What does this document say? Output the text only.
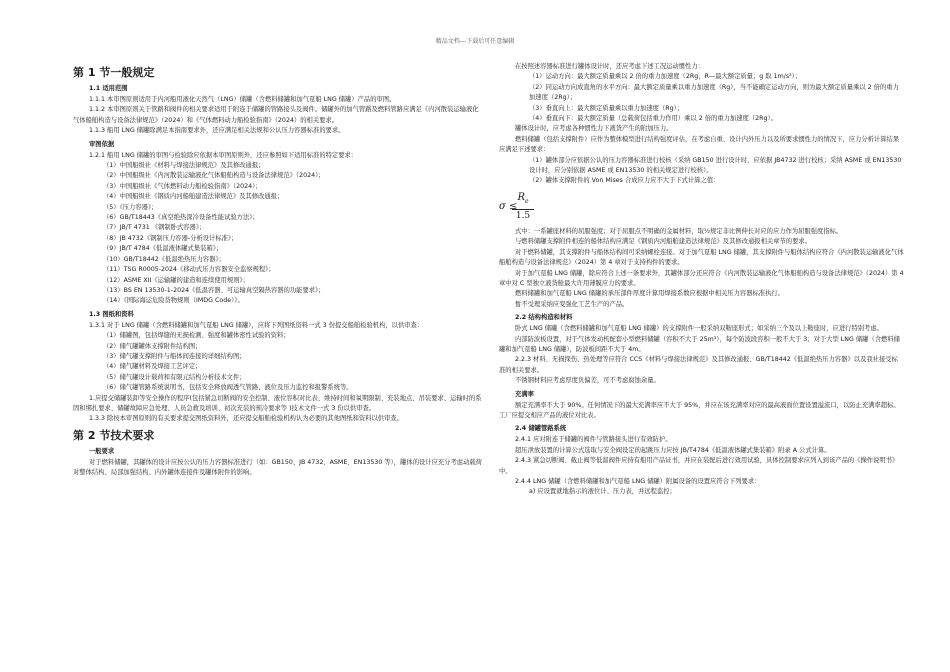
精品文档---下载后可任意编辑
第 1 节一般规定

1.1 适用范围

1.1.1 本审图原则适用于内河船用液化天然气（LNG）储罐（含燃料储罐和加气趸船 LNG 储罐）产品的审图。

1.1.2 本审图原则关于管路和阀件的相关要求适用于附连于储罐的管路接头及阀件。储罐外的加气管路及燃料管路应满足《内河散装运输液化气体船舶构造与设备法律规范》（2024）和《气体燃料动力船检验指南》（2024）的相关要求。

1.1.3 船用 LNG 储罐除满足本指南要求外，还应满足相关法规和公认压力容器标准的要求。

审图依据

1.2.1 船用 LNG 储罐的审图与检验除应依据本审图原则外，还应参照如下适用标准的特定要求：

（1）中国船级社《材料与焊接法律规范》及其修改通报；

（2）中国船级社《内河散装运输液化气体船舶构造与设备法律规范》（2024）；

（3）中国船级社《气体燃料动力船检验指南》（2024）；

（4）中国船级社《钢质内河船舶建造法律规范》及其修改通报；

（5）《压力容器》；

（6）GB/T18443《真空绝热深冷设备性能试验方法》；

（7）JB/T 4731 《钢制卧式容器》；

（8）JB 4732《钢制压力容器-分析设计标准》；

（9）JB/T 4784《低温液体罐式集装箱》；

（10）GB/T18442《低温绝热压力容器》；

（11）TSG R0005-2024《移动式压力容器安全监察规程》；

（12）ASME XII《运输罐的建造和连续使用规则》；

（13）BS EN 13530-1-2024《低温容器、可运输真空隔热容器的功能要求》；

（14）《国际海运危险货物规则（IMDG Code）》。

1.3 图纸和资料

1.3.1 对于 LNG 储罐（含燃料储罐和加气趸船 LNG 储罐），应将下列图纸资料一式 3 份提交船舶检验机构，以供审查：

（1）储罐图，包括焊缝的无损检测、强度和罐体密性试验的资料；

（2）储气罐罐体支撑附件结构图；

（3）储气罐支撑附件与船体间连接的详细结构图；

（4）储气罐材料及焊接工艺评定；

（5）储气罐设计载荷和有限元结构分析技术文件；

（6）储气罐管路系统说明书，包括安全释放阀透气管路、液位及压力监控和报警系统等。

1.应提交储罐装卸等安全操作的程序(包括紧急切断阀的安全控制、液位容积对比表、维持时间和氧期限制、充装地点、吊装要求、运输时的系固和绑扎要求、储罐故障应急处理、人员急救及培训、初次充装的预冷要求等 )技术文件一式 3 份以供审查。

1.3.3 除按本审图原则的有关要求提交图纸资料外，还应提交船舶检验机构认为必要的其他图纸和资料以供审查。

第 2 节技术要求

一般要求

对于燃料储罐，其罐体的设计应按公认的压力容器标准进行（如：GB150、JB 4732、ASME、EN13530 等），罐体的设计应充分考虑动载荷对整体结构、局部加强结构、内外罐体连接件及罐体附件的影响。

在按照述容器标准进行罐体设计时，还应考虑下述工况运动惯性力：

（1）运动方向：最大额定质量乘以 2 倍的重力加速度（2Rg，R—最大额定质量；g 取 1m/s²）；

（2）同运动方向成直角的水平方向：最大额定质量乘以重力加速度（Rg），当不能确定运动方向，则为最大额定质量乘以 2 倍的重力加速度（2Rg）；

（3）垂直向上：最大额定质量乘以重力加速度（Rg）；

（4）垂直向下：最大额定质量（总载荷包括重力作用）乘以 2 倍的重力加速度（2Rg）。

罐体设计时，应考虑各种惯性力下液货产生的附加压力。

燃料储罐（包括支撑附件）应作为整体模型进行结构强度评估，在考虑自重、设计内外压力以及所要求惯性力的情况下，应力分析计算结果应满足下述要求：

（1）罐体部分应依据公认的压力容器标准进行校核（采纳 GB150 进行设计时，应依据 JB4732 进行校核；采纳 ASME 或 EN13530 设计时，应分别依据 ASME 或 EN13530 的相关规定进行校核）。

（2）罐体支撑附件的 Von Mises 合成应力应不大于下式计算之值：

σ ≤
$\frac{R_e}{1.5}$

式中：一系罐座材料的屈服强度；对于屈服点不明确的金属材料，取½规定非比例伸长对应的应力作为屈服强度指标。

与燃料储罐支撑附件相连的船体结构应满足《钢质内河船舶建造法律规范》及其修改通报相关章节的要求。

对于燃料储罐，其支撑附件与船体结构间可采纳螺栓连接。对于加气趸船 LNG 储罐，其支撑附件与船体结构应符合《内河散装运输液化气体船舶构造与设备法律规范》（2024）第 4 章对于支持构件的要求。

对于加气趸船 LNG 储罐，除应符合上述一条要求外，其罐体部分还应符合《内河散装运输液化气体船舶构造与设备法律规范》（2024）第 4 章中对 C 型独立液货舱最大许用薄膜应力的要求。

燃料储罐和加气趸船 LNG 储罐的承压部件厚度计算用焊接系数应根据中相关压力容器标准执行。

暂不受理采纳应变强化工艺生产的产品。

2.2 结构构造和材料

卧式 LNG 储罐（含燃料储罐和加气趸船 LNG 储罐）的支撑附件一般采纳双鞍座形式；如采纳三个及以上鞍座时，应进行特别考虑。

内部防波板设置，对于气体发动机配套小型燃料储罐（容积不大于 25m³），每个防波段容积一般不大于 3；对于大型 LNG 储罐（含燃料储罐和加气趸船 LNG 储罐），防波板间距不大于 4m。

2.2.3 材料、无损探伤、热处理等应符合 CCS《材料与焊接法律规范》及其修改通报、GB/T18442《低温绝热压力容器》以及我社接受标准的相关要求。

不锈钢材料应考虑厚度负偏差，可不考虑腐蚀余量。

充满率

额定充满率不大于 90%。任何情况下的最大充满率应不大于 95%，并应在该充满率对应的最高液面位置设置溢流口，以防止充满率超标。工厂应提交相应产品的液位对比表。

2.4 储罐管路系统

2.4.1 应对附连于储罐的阀件与管路接头进行有效防护。

超压泄放装置的计算公式选取与安全阀设定的起跳压力应按 JB/T4784《低温液体罐式集装箱》附录 A 公式计算。

2.4.3 紧急切断阀、截止阀等低温阀件应持有船用产品证书，并应在装配后进行效用试验，具体控制要求应列入到该产品的《操作说明书》中。

2.4.4 LNG 储罐（含燃料储罐和加气趸船 LNG 储罐）附属设备的设置应符合下列要求：

a) 应设置就地指示的液位计、压力表，并远程监控；
